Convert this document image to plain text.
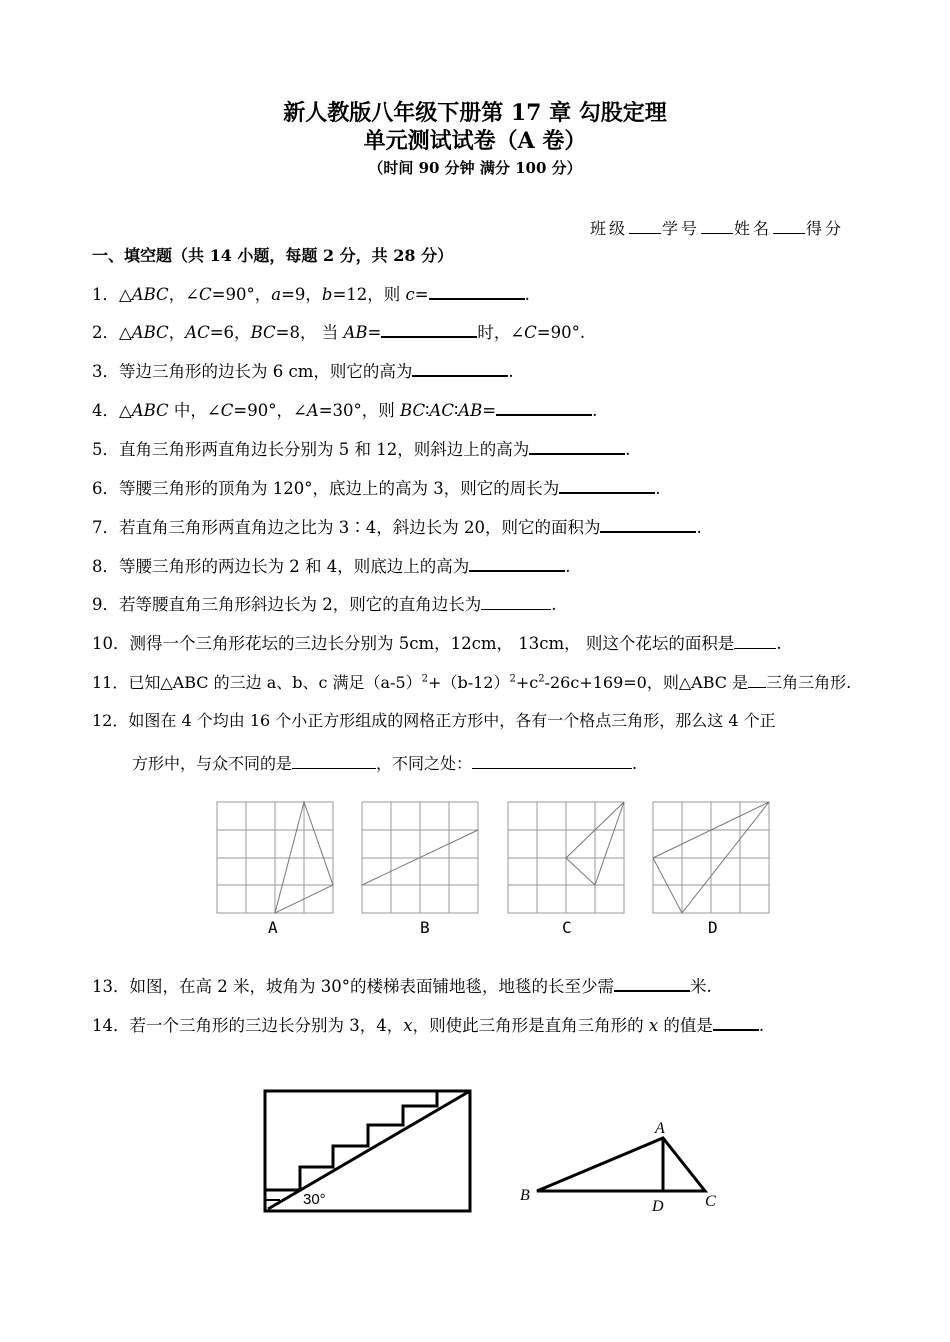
新人教版八年级下册第 17 章 勾股定理
单元测试试卷（A 卷）
（时间 90 分钟 满分 100 分）
班级 学号 姓名 得分
一、填空题（共 14 小题，每题 2 分，共 28 分）
1．△ABC，∠C=90°，a=9，b=12，则 c=	.
2．△ABC，AC=6，BC=8， 当 AB=	时，∠C=90°.
3．等边三角形的边长为 6 cm，则它的高为	.
4．△ABC 中，∠C=90°，∠A=30°，则 BC∶AC∶AB=	.
5．直角三角形两直角边长分别为 5 和 12，则斜边上的高为	.
6．等腰三角形的顶角为 120°，底边上的高为 3，则它的周长为	.
7．若直角三角形两直角边之比为 3∶4，斜边长为 20，则它的面积为	.
8．等腰三角形的两边长为 2 和 4，则底边上的高为	.
9．若等腰直角三角形斜边长为 2，则它的直角边长为	.
10．测得一个三角形花坛的三边长分别为 5cm，12cm， 13cm， 则这个花坛的面积是	.
11．已知△ABC 的三边 a、b、c 满足$(a-5)^2+(b-12)^2+c^2-26c+169=0$，则△ABC 是 三角三角形.
12．如图在 4 个均由 16 个小正方形组成的网格正方形中，各有一个格点三角形，那么这 4 个正
方形中，与众不同的是	，不同之处：	.
A	B	C	D
13．如图，在高 2 米，坡角为 30°的楼梯表面铺地毯，地毯的长至少需	米.
14．若一个三角形的三边长分别为 3，4，x，则使此三角形是直角三角形的 x 的值是	.
30°
A
B
D	C
